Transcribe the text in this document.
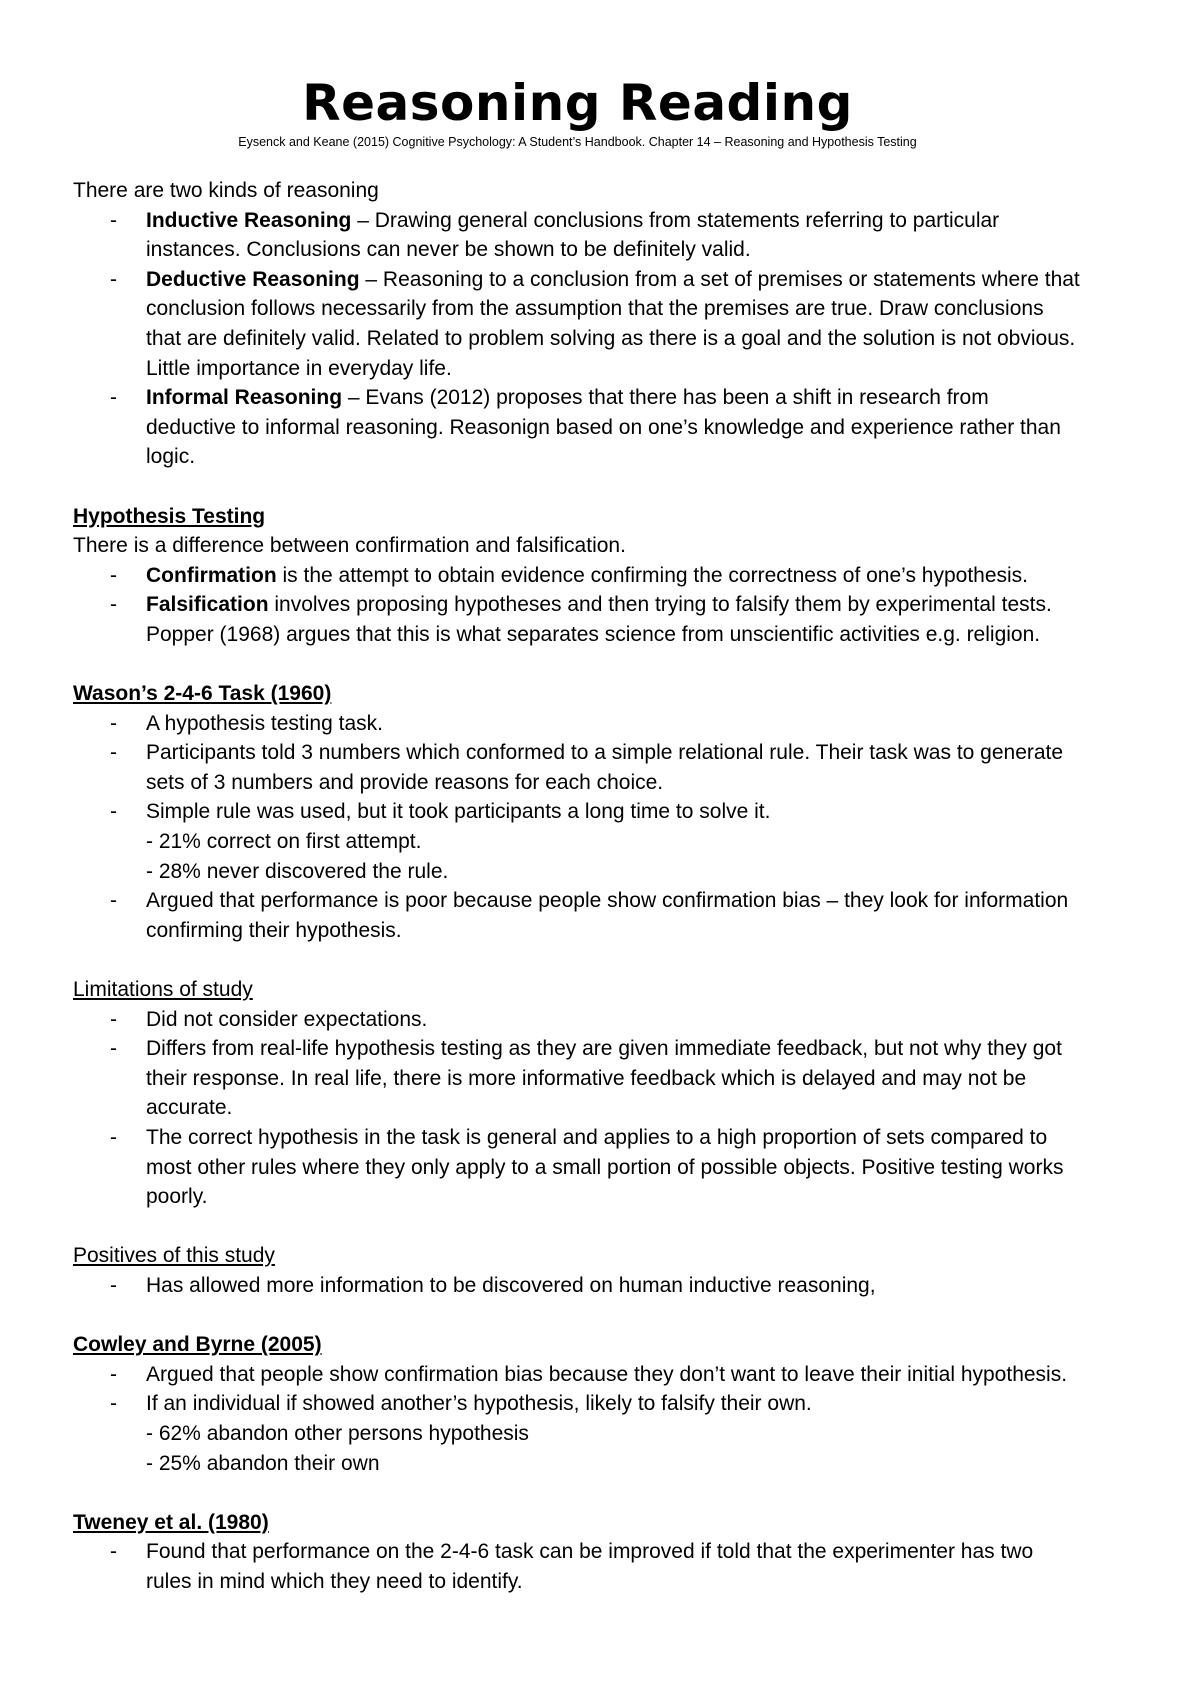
Reasoning Reading

Eysenck and Keane (2015) Cognitive Psychology: A Student’s Handbook. Chapter 14 – Reasoning and Hypothesis Testing

There are two kinds of reasoning

- Inductive Reasoning – Drawing general conclusions from statements referring to particular instances. Conclusions can never be shown to be definitely valid.
- Deductive Reasoning – Reasoning to a conclusion from a set of premises or statements where that conclusion follows necessarily from the assumption that the premises are true. Draw conclusions that are definitely valid. Related to problem solving as there is a goal and the solution is not obvious. Little importance in everyday life.
- Informal Reasoning – Evans (2012) proposes that there has been a shift in research from deductive to informal reasoning. Reasonign based on one’s knowledge and experience rather than logic.

Hypothesis Testing

There is a difference between confirmation and falsification.

- Confirmation is the attempt to obtain evidence confirming the correctness of one’s hypothesis.
- Falsification involves proposing hypotheses and then trying to falsify them by experimental tests. Popper (1968) argues that this is what separates science from unscientific activities e.g. religion.

Wason’s 2-4-6 Task (1960)

- A hypothesis testing task.
- Participants told 3 numbers which conformed to a simple relational rule. Their task was to generate sets of 3 numbers and provide reasons for each choice.
- Simple rule was used, but it took participants a long time to solve it.
- 21% correct on first attempt.
- 28% never discovered the rule.
- Argued that performance is poor because people show confirmation bias – they look for information confirming their hypothesis.

Limitations of study

- Did not consider expectations.
- Differs from real-life hypothesis testing as they are given immediate feedback, but not why they got their response. In real life, there is more informative feedback which is delayed and may not be accurate.
- The correct hypothesis in the task is general and applies to a high proportion of sets compared to most other rules where they only apply to a small portion of possible objects. Positive testing works poorly.

Positives of this study

- Has allowed more information to be discovered on human inductive reasoning,

Cowley and Byrne (2005)

- Argued that people show confirmation bias because they don’t want to leave their initial hypothesis.
- If an individual if showed another’s hypothesis, likely to falsify their own.
- 62% abandon other persons hypothesis
- 25% abandon their own

Tweney et al. (1980)

- Found that performance on the 2-4-6 task can be improved if told that the experimenter has two rules in mind which they need to identify.
